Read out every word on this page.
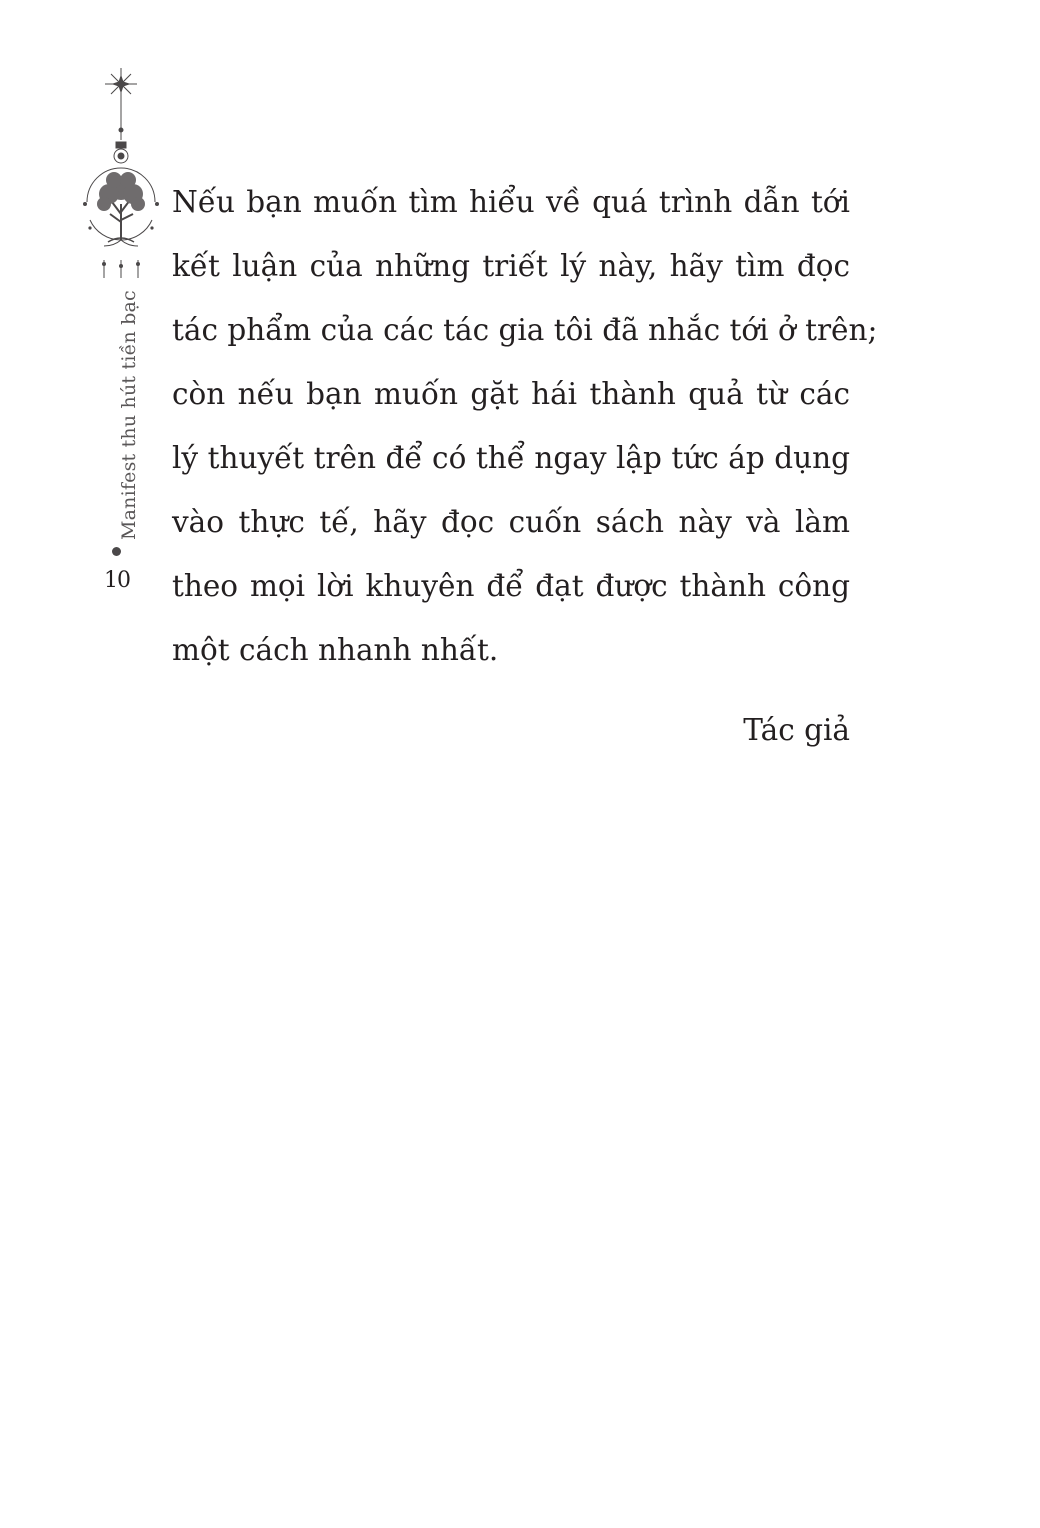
Manifest thu hút tiền bạc
10
Nếu bạn muốn tìm hiểu về quá trình dẫn tới
kết luận của những triết lý này, hãy tìm đọc
tác phẩm của các tác gia tôi đã nhắc tới ở trên;
còn nếu bạn muốn gặt hái thành quả từ các
lý thuyết trên để có thể ngay lập tức áp dụng
vào thực tế, hãy đọc cuốn sách này và làm
theo mọi lời khuyên để đạt được thành công
một cách nhanh nhất.
Tác giả
